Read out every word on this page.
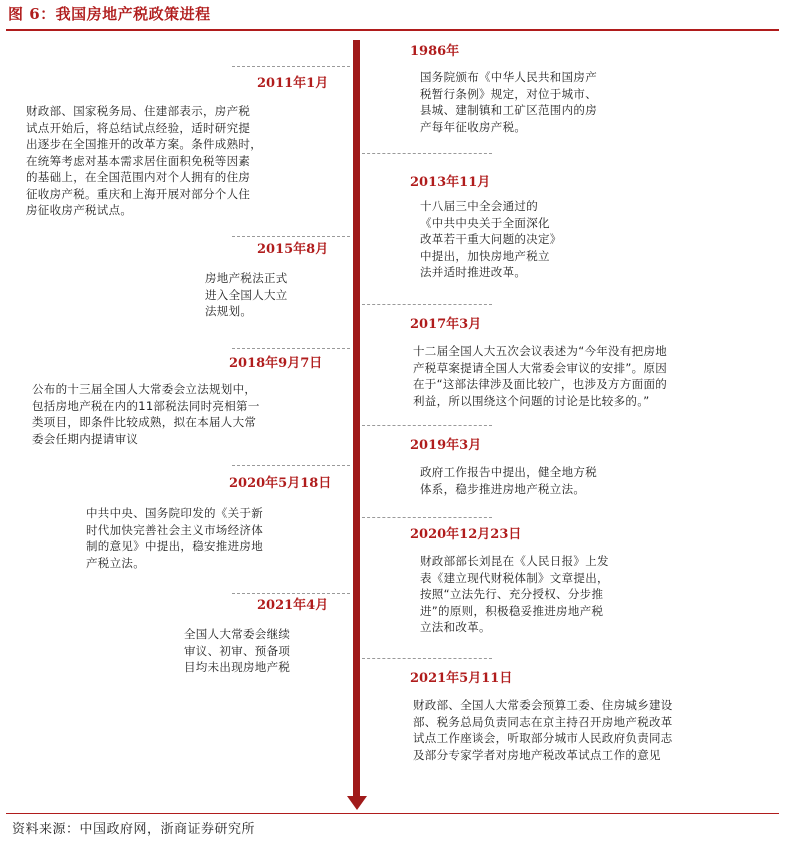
图 6：我国房地产税政策进程
1986年
国务院颁布《中华人民共和国房产
税暂行条例》规定，对位于城市、
县城、建制镇和工矿区范围内的房
产每年征收房产税。
2013年11月
十八届三中全会通过的
《中共中央关于全面深化
改革若干重大问题的决定》
中提出，加快房地产税立
法并适时推进改革。
2017年3月
十二届全国人大五次会议表述为“今年没有把房地
产税草案提请全国人大常委会审议的安排”。原因
在于“这部法律涉及面比较广，也涉及方方面面的
利益，所以围绕这个问题的讨论是比较多的。”
2019年3月
政府工作报告中提出，健全地方税
体系，稳步推进房地产税立法。
2020年12月23日
财政部部长刘昆在《人民日报》上发
表《建立现代财税体制》文章提出，
按照“立法先行、充分授权、分步推
进”的原则，积极稳妥推进房地产税
立法和改革。
2021年5月11日
财政部、全国人大常委会预算工委、住房城乡建设
部、税务总局负责同志在京主持召开房地产税改革
试点工作座谈会，听取部分城市人民政府负责同志
及部分专家学者对房地产税改革试点工作的意见
2011年1月
财政部、国家税务局、住建部表示，房产税
试点开始后，将总结试点经验，适时研究提
出逐步在全国推开的改革方案。条件成熟时，
在统筹考虑对基本需求居住面积免税等因素
的基础上，在全国范围内对个人拥有的住房
征收房产税。重庆和上海开展对部分个人住
房征收房产税试点。
2015年8月
房地产税法正式
进入全国人大立
法规划。
2018年9月7日
公布的十三届全国人大常委会立法规划中，
包括房地产税在内的11部税法同时亮相第一
类项目，即条件比较成熟，拟在本届人大常
委会任期内提请审议
2020年5月18日
中共中央、国务院印发的《关于新
时代加快完善社会主义市场经济体
制的意见》中提出，稳安推进房地
产税立法。
2021年4月
全国人大常委会继续
审议、初审、预备项
目均未出现房地产税
资料来源：中国政府网，浙商证券研究所
